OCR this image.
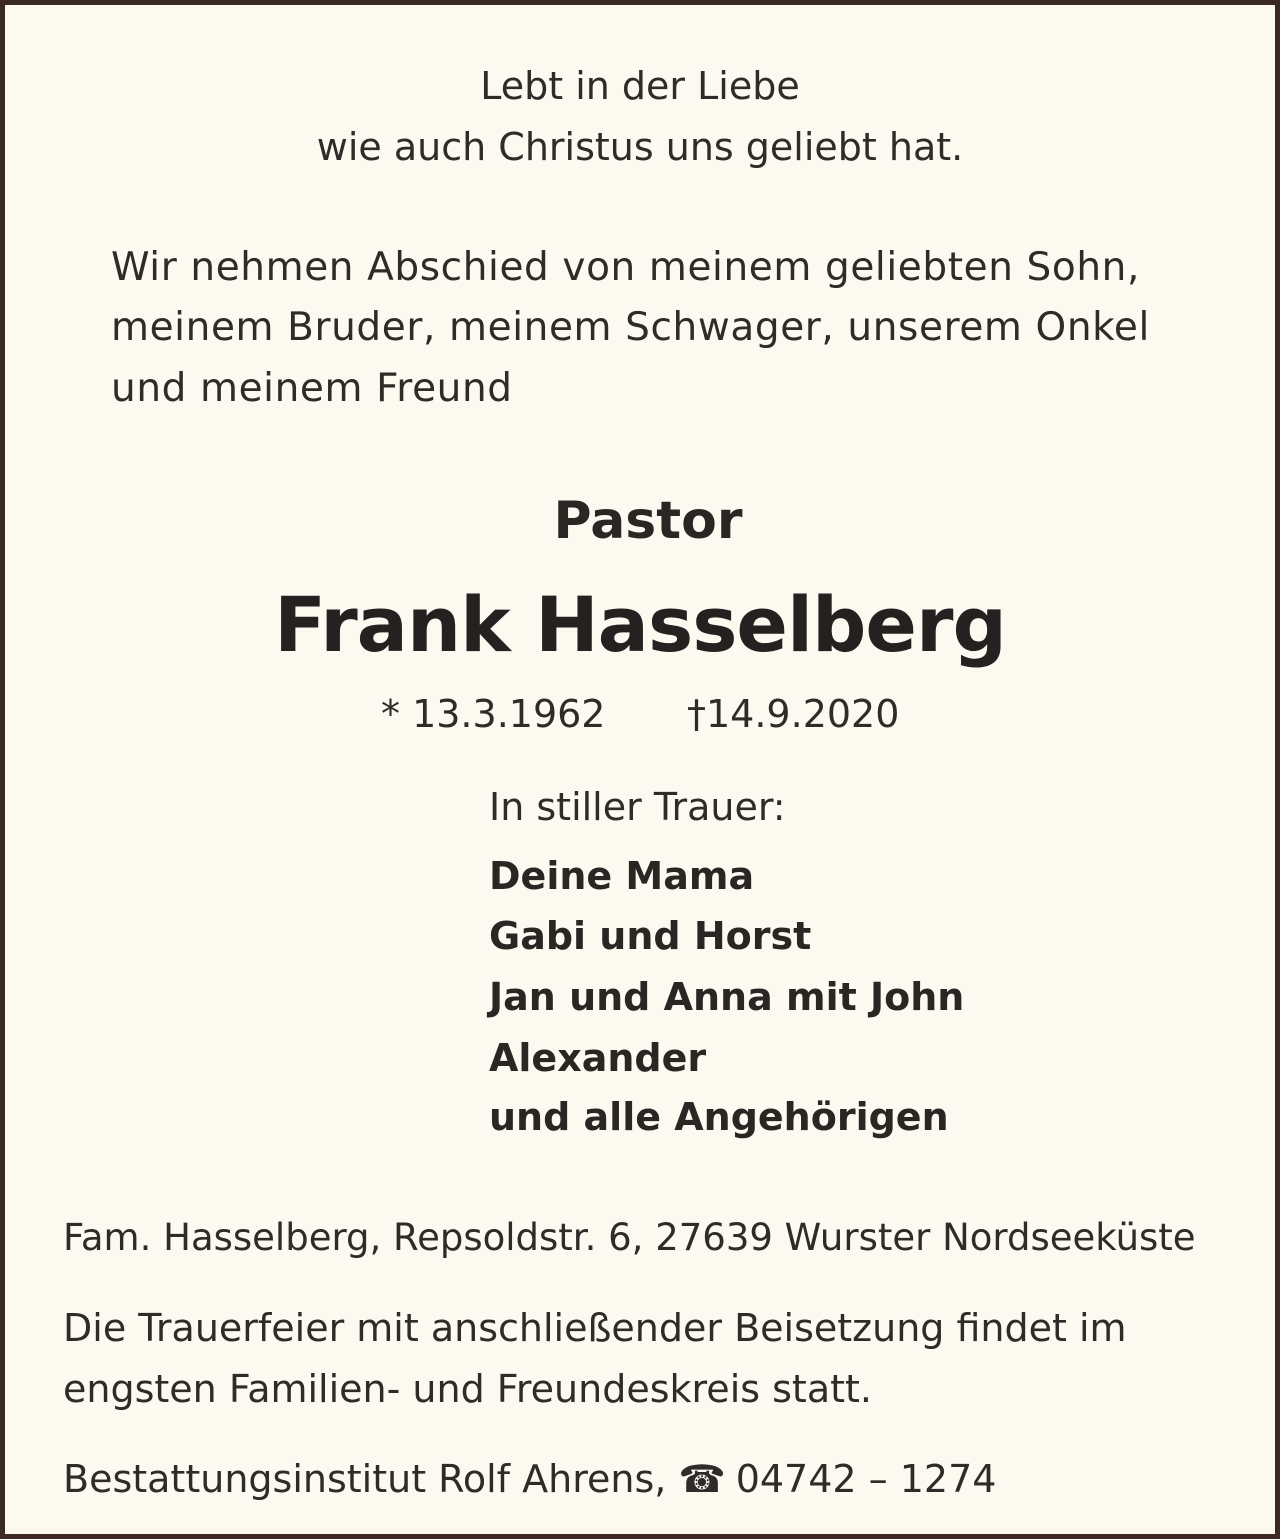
Lebt in der Liebe
wie auch Christus uns geliebt hat.
Wir nehmen Abschied von meinem geliebten Sohn,
meinem Bruder, meinem Schwager, unserem Onkel
und meinem Freund
Pastor
Frank Hasselberg
* 13.3.1962 †14.9.2020
In stiller Trauer:
Deine Mama
Gabi und Horst
Jan und Anna mit John
Alexander
und alle Angehörigen
Fam. Hasselberg, Repsoldstr. 6, 27639 Wurster Nordseeküste
Die Trauerfeier mit anschließender Beisetzung findet im
engsten Familien- und Freundeskreis statt.
Bestattungsinstitut Rolf Ahrens, ☎ 04742 – 1274
